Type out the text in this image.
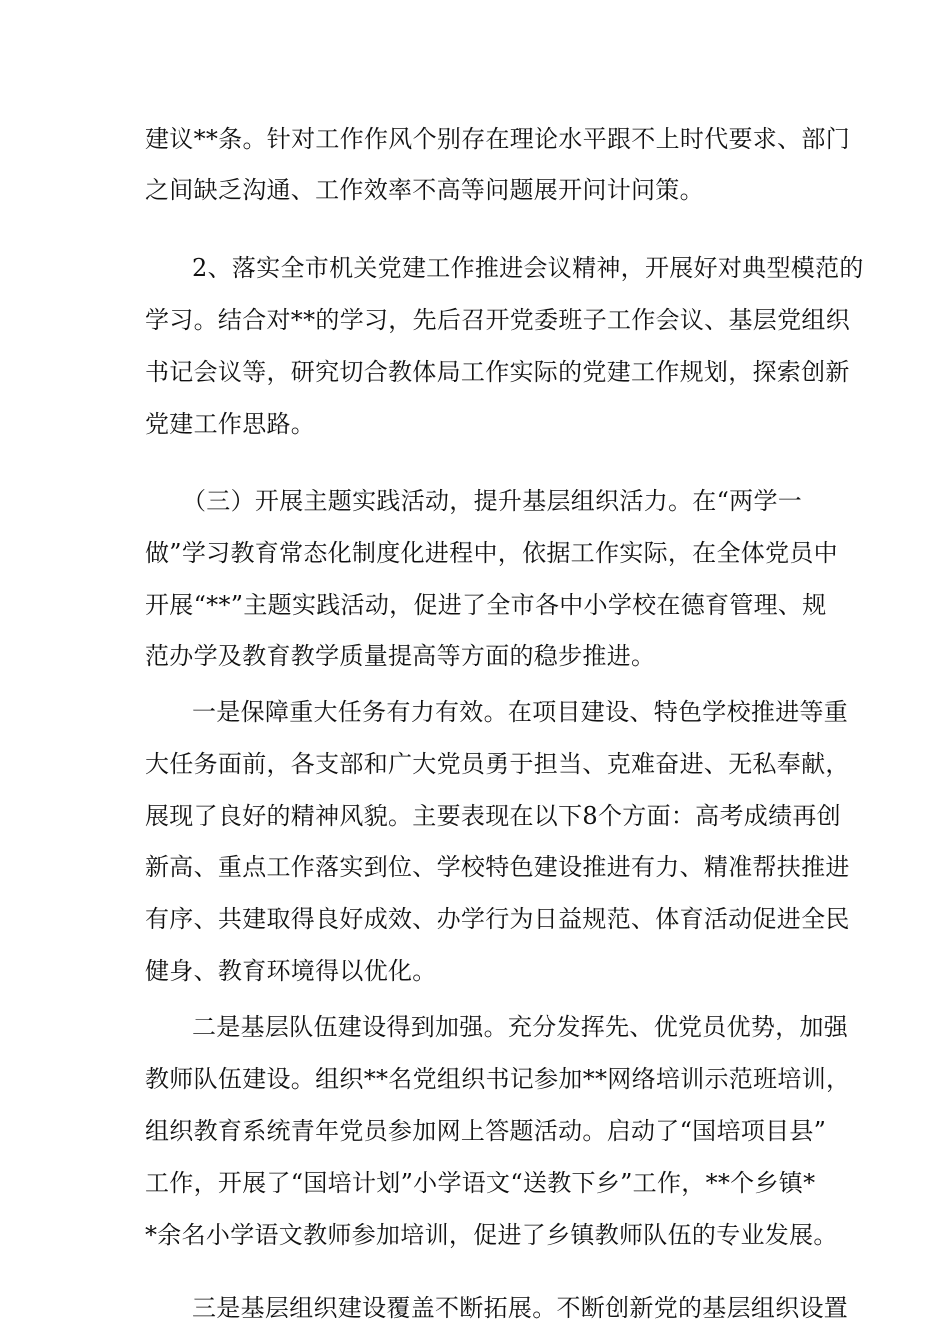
建议**条。针对工作作风个别存在理论水平跟不上时代要求、部门
之间缺乏沟通、工作效率不高等问题展开问计问策。
2、落实全市机关党建工作推进会议精神，开展好对典型模范的
学习。结合对**的学习，先后召开党委班子工作会议、基层党组织
书记会议等，研究切合教体局工作实际的党建工作规划，探索创新
党建工作思路。
（三）开展主题实践活动，提升基层组织活力。在“两学一
做”学习教育常态化制度化进程中，依据工作实际，在全体党员中
开展“**”主题实践活动，促进了全市各中小学校在德育管理、规
范办学及教育教学质量提高等方面的稳步推进。
一是保障重大任务有力有效。在项目建设、特色学校推进等重
大任务面前，各支部和广大党员勇于担当、克难奋进、无私奉献，
展现了良好的精神风貌。主要表现在以下8个方面：高考成绩再创
新高、重点工作落实到位、学校特色建设推进有力、精准帮扶推进
有序、共建取得良好成效、办学行为日益规范、体育活动促进全民
健身、教育环境得以优化。
二是基层队伍建设得到加强。充分发挥先、优党员优势，加强
教师队伍建设。组织**名党组织书记参加**网络培训示范班培训，
组织教育系统青年党员参加网上答题活动。启动了“国培项目县”
工作，开展了“国培计划”小学语文“送教下乡”工作，**个乡镇*
*余名小学语文教师参加培训，促进了乡镇教师队伍的专业发展。
三是基层组织建设覆盖不断拓展。不断创新党的基层组织设置
